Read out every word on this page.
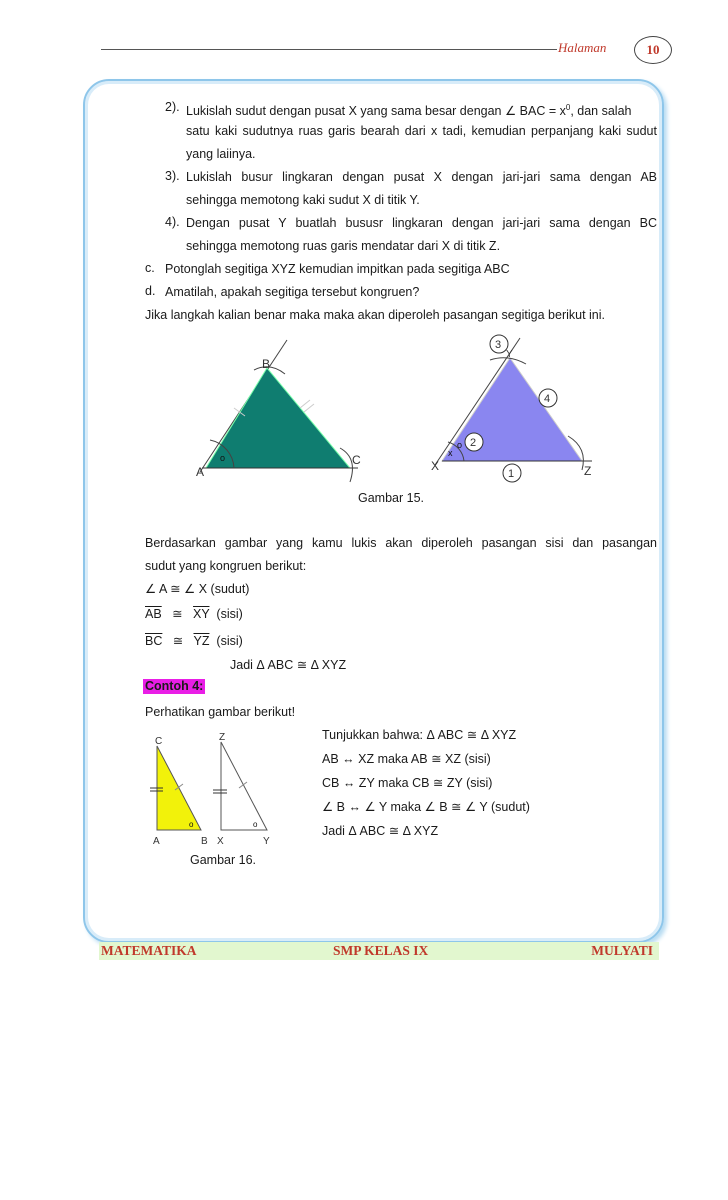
Halaman	10
2). Lukislah sudut dengan pusat X yang sama besar dengan ∠ BAC = $x^0$, dan salah
satu kaki sudutnya ruas garis bearah dari x tadi, kemudian perpanjang kaki sudut
yang laiinya.
3). Lukislah busur lingkaran dengan pusat X dengan jari-jari sama dengan AB
sehingga memotong kaki sudut X di titik Y.
4). Dengan pusat Y buatlah bususr lingkaran dengan jari-jari sama dengan BC
sehingga memotong ruas garis mendatar dari X di titik Z.
c. Potonglah segitiga XYZ kemudian impitkan pada segitiga ABC
d. Amatilah, apakah segitiga tersebut kongruen?
Jika langkah kalian benar maka maka akan diperoleh pasangan segitiga berikut ini.
A
B
C
o
3
4
2
1
X
Y
Z
o
x
Gambar 15.
Berdasarkan gambar yang kamu lukis akan diperoleh pasangan sisi dan pasangan
sudut yang kongruen berikut:
∠ A ≅ ∠ X (sudut)
$\overline{AB}$ ≅ $\overline{XY}$ (sisi)
$\overline{BC}$ ≅ $\overline{YZ}$ (sisi)
Jadi Δ ABC ≅ Δ XYZ
Contoh 4:
Perhatikan gambar berikut!
C
A	B
o
Z
X	Y
o
Gambar 16.
Tunjukkan bahwa: Δ ABC ≅ Δ XYZ
AB ↔ XZ maka AB ≅ XZ (sisi)
CB ↔ ZY maka CB ≅ ZY (sisi)
∠ B ↔ ∠ Y maka ∠ B ≅ ∠ Y (sudut)
Jadi Δ ABC ≅ Δ XYZ
MATEMATIKA	SMP KELAS IX	MULYATI
